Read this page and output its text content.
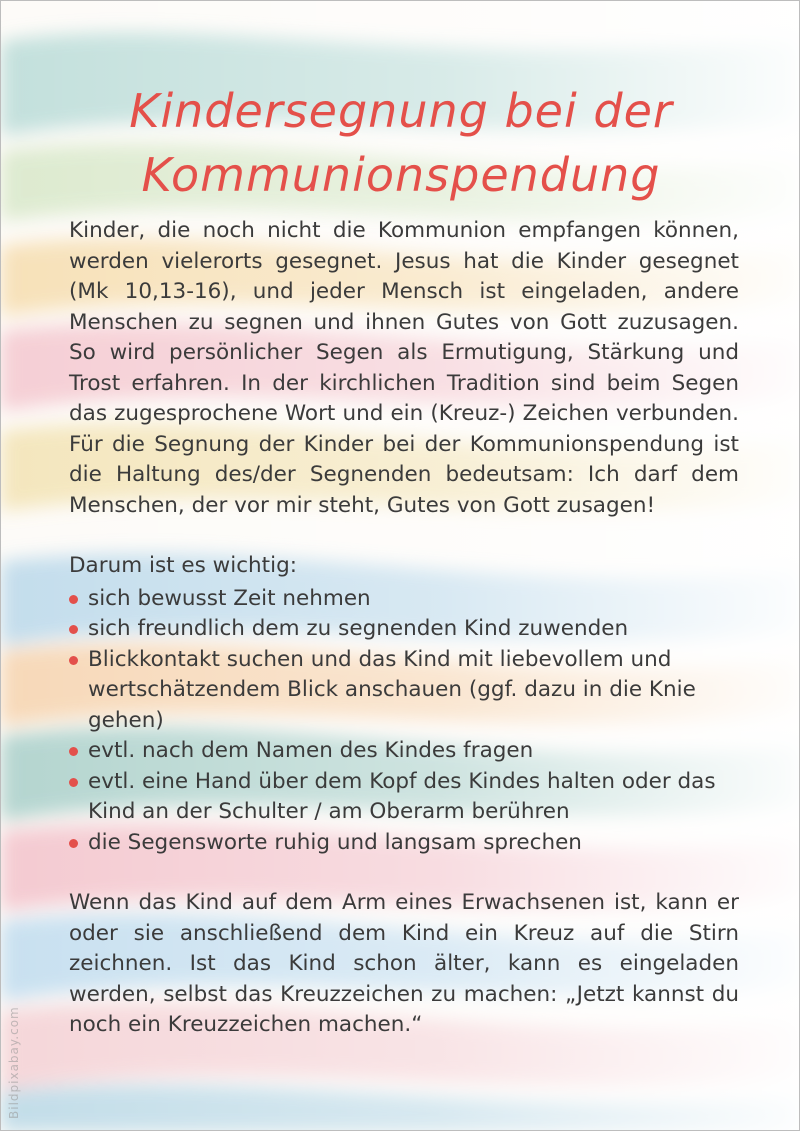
Bildpixabay.com
Kindersegnung bei der
Kommunionspendung

Kinder, die noch nicht die Kommunion empfangen können, werden vielerorts gesegnet. Jesus hat die Kinder gesegnet (Mk 10,13-16), und jeder Mensch ist eingeladen, andere Menschen zu segnen und ihnen Gutes von Gott zuzusagen. So wird persönlicher Segen als Ermutigung, Stärkung und Trost erfahren. In der kirchlichen Tradition sind beim Segen das zugesprochene Wort und ein (Kreuz-) Zeichen verbunden. Für die Segnung der Kinder bei der Kommunionspendung ist die Haltung des/der Segnenden bedeutsam: Ich darf dem Menschen, der vor mir steht, Gutes von Gott zusagen!

Darum ist es wichtig:

sich bewusst Zeit nehmen
sich freundlich dem zu segnenden Kind zuwenden
Blickkontakt suchen und das Kind mit liebevollem und wertschätzendem Blick anschauen (ggf. dazu in die Knie gehen)
evtl. nach dem Namen des Kindes fragen
evtl. eine Hand über dem Kopf des Kindes halten oder das Kind an der Schulter / am Oberarm berühren
die Segensworte ruhig und langsam sprechen

Wenn das Kind auf dem Arm eines Erwachsenen ist, kann er oder sie anschließend dem Kind ein Kreuz auf die Stirn zeichnen. Ist das Kind schon älter, kann es eingeladen werden, selbst das Kreuzzeichen zu machen: „Jetzt kannst du noch ein Kreuzzeichen machen.“
